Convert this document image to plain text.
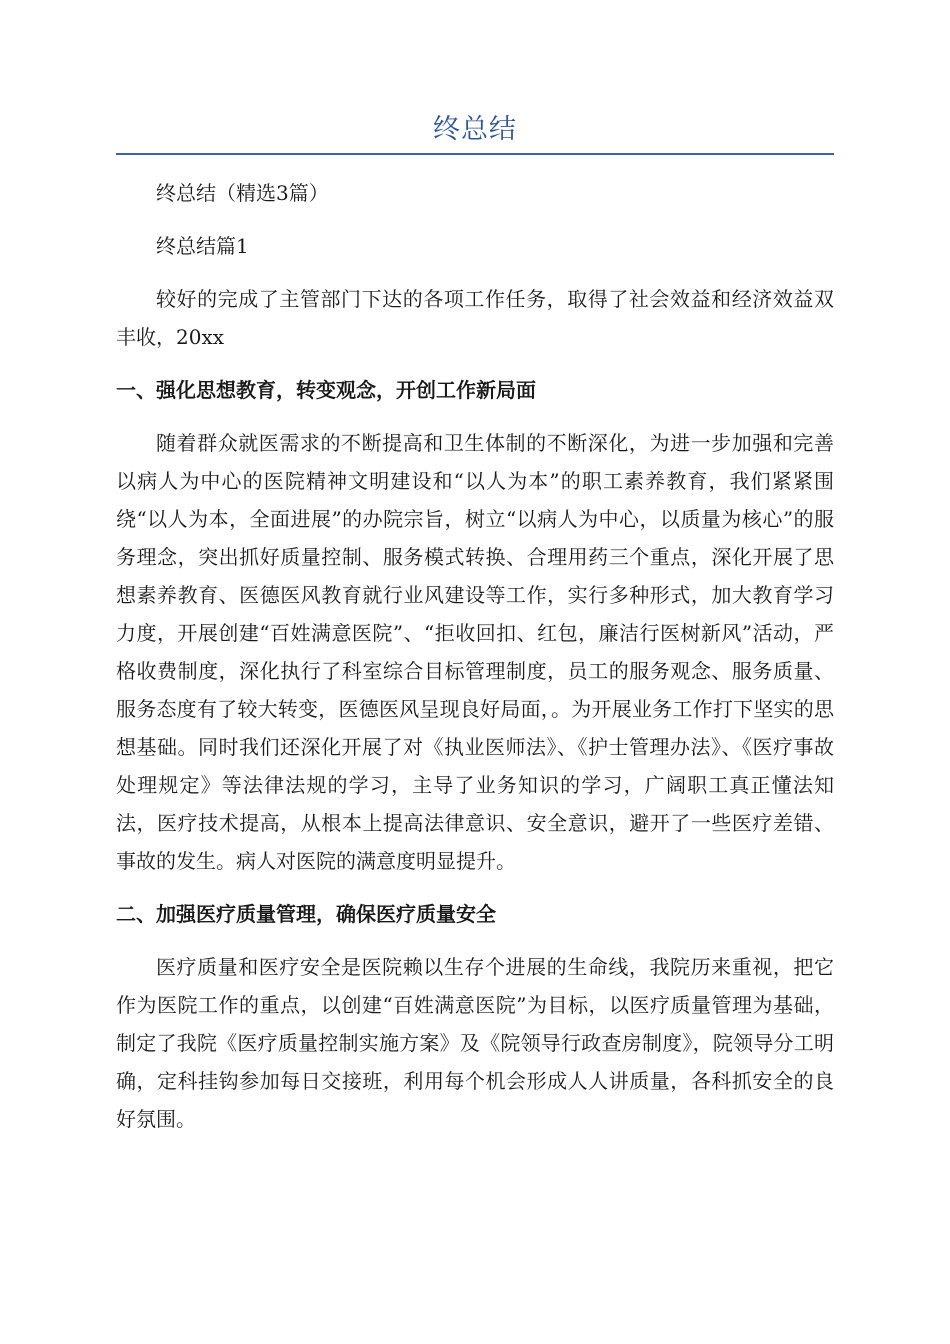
终总结

终总结（精选3篇）

终总结篇1

较好的完成了主管部门下达的各项工作任务，取得了社会效益和经济效益双丰收，20xx

一、强化思想教育，转变观念，开创工作新局面

随着群众就医需求的不断提高和卫生体制的不断深化，为进一步加强和完善以病人为中心的医院精神文明建设和“以人为本”的职工素养教育，我们紧紧围绕“以人为本，全面进展”的办院宗旨，树立“以病人为中心，以质量为核心”的服务理念，突出抓好质量控制、服务模式转换、合理用药三个重点，深化开展了思想素养教育、医德医风教育就行业风建设等工作，实行多种形式，加大教育学习力度，开展创建“百姓满意医院”、“拒收回扣、红包，廉洁行医树新风”活动，严格收费制度，深化执行了科室综合目标管理制度，员工的服务观念、服务质量、服务态度有了较大转变，医德医风呈现良好局面，。为开展业务工作打下坚实的思想基础。同时我们还深化开展了对《执业医师法》、《护士管理办法》、《医疗事故处理规定》等法律法规的学习，主导了业务知识的学习，广阔职工真正懂法知法，医疗技术提高，从根本上提高法律意识、安全意识，避开了一些医疗差错、事故的发生。病人对医院的满意度明显提升。

二、加强医疗质量管理，确保医疗质量安全

医疗质量和医疗安全是医院赖以生存个进展的生命线，我院历来重视，把它作为医院工作的重点，以创建“百姓满意医院”为目标，以医疗质量管理为基础，制定了我院《医疗质量控制实施方案》及《院领导行政查房制度》，院领导分工明确，定科挂钩参加每日交接班，利用每个机会形成人人讲质量，各科抓安全的良好氛围。
